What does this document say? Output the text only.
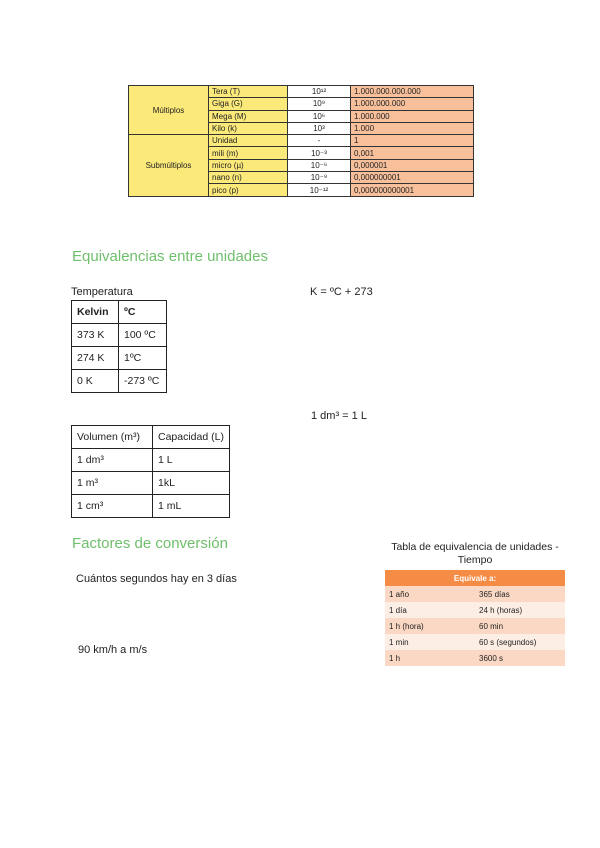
Múltiplos	Tera (T)	10¹²	1.000.000.000.000
	Giga (G)	10⁹	1.000.000.000
	Mega (M)	10⁶	1.000.000
	Kilo (k)	10³	1.000
Submúltiplos	Unidad	-	1
	mili (m)	10⁻³	0,001
	micro (µ)	10⁻⁶	0,000001
	nano (n)	10⁻⁹	0,000000001
	pico (p)	10⁻¹²	0,000000000001
Equivalencias entre unidades
Temperatura	K = ºC + 273
Kelvin	ºC
373 K	100 ºC
274 K	1ºC
0 K	-273 ºC
1 dm³ = 1 L
Volumen (m³)	Capacidad (L)
1 dm³	1 L
1 m³	1kL
1 cm³	1 mL
Factores de conversión
Cuántos segundos hay en 3 días
90 km/h a m/s
Tabla de equivalencia de unidades - Tiempo
Equivale a:	
1 año	365 días
1 día	24 h (horas)
1 h (hora)	60 min
1 min	60 s (segundos)
1 h	3600 s
